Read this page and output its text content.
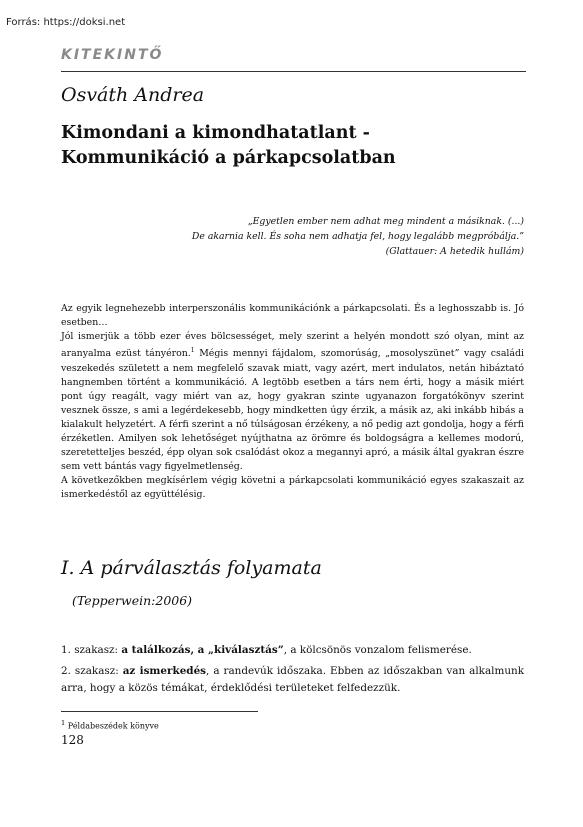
Forrás: https://doksi.net
KITEKINTŐ
Osváth Andrea
Kimondani a kimondhatatlant -
Kommunikáció a párkapcsolatban
„Egyetlen ember nem adhat meg mindent a másiknak. (...)
De akarnia kell. És soha nem adhatja fel, hogy legalább megpróbálja.”
(Glattauer: A hetedik hullám)

Az egyik legnehezebb interperszonális kommunikációnk a párkapcsolati. És a leghosszabb is. Jó esetben…

Jól ismerjük a több ezer éves bölcsességet, mely szerint a helyén mondott szó olyan, mint az aranyalma ezüst tányéron.$^1$ Mégis mennyi fájdalom, szomorúság, „mosolyszünet” vagy családi veszekedés született a nem megfelelő szavak miatt, vagy azért, mert indulatos, netán hibáztató hangnemben történt a kommunikáció. A legtöbb esetben a társ nem érti, hogy a másik miért pont úgy reagált, vagy miért van az, hogy gyakran szinte ugyanazon forgatókönyv szerint vesznek össze, s ami a legérdekesebb, hogy mindketten úgy érzik, a másik az, aki inkább hibás a kialakult helyzetért. A férfi szerint a nő túlságosan érzékeny, a nő pedig azt gondolja, hogy a férfi érzéketlen. Amilyen sok lehetőséget nyújthatna az örömre és boldogságra a kellemes modorú, szeretetteljes beszéd, épp olyan sok csalódást okoz a megannyi apró, a másik által gyakran észre sem vett bántás vagy figyelmetlenség.

A következőkben megkísérlem végig követni a párkapcsolati kommunikáció egyes szakaszait az ismerkedéstől az együttélésig.

I. A párválasztás folyamata
(Tepperwein:2006)

1. szakasz: a találkozás, a „kiválasztás”, a kölcsönös vonzalom felismerése.

2. szakasz: az ismerkedés, a randevúk időszaka. Ebben az időszakban van alkalmunk arra, hogy a közös témákat, érdeklődési területeket felfedezzük.

$^1$ Példabeszédek könyve
128
